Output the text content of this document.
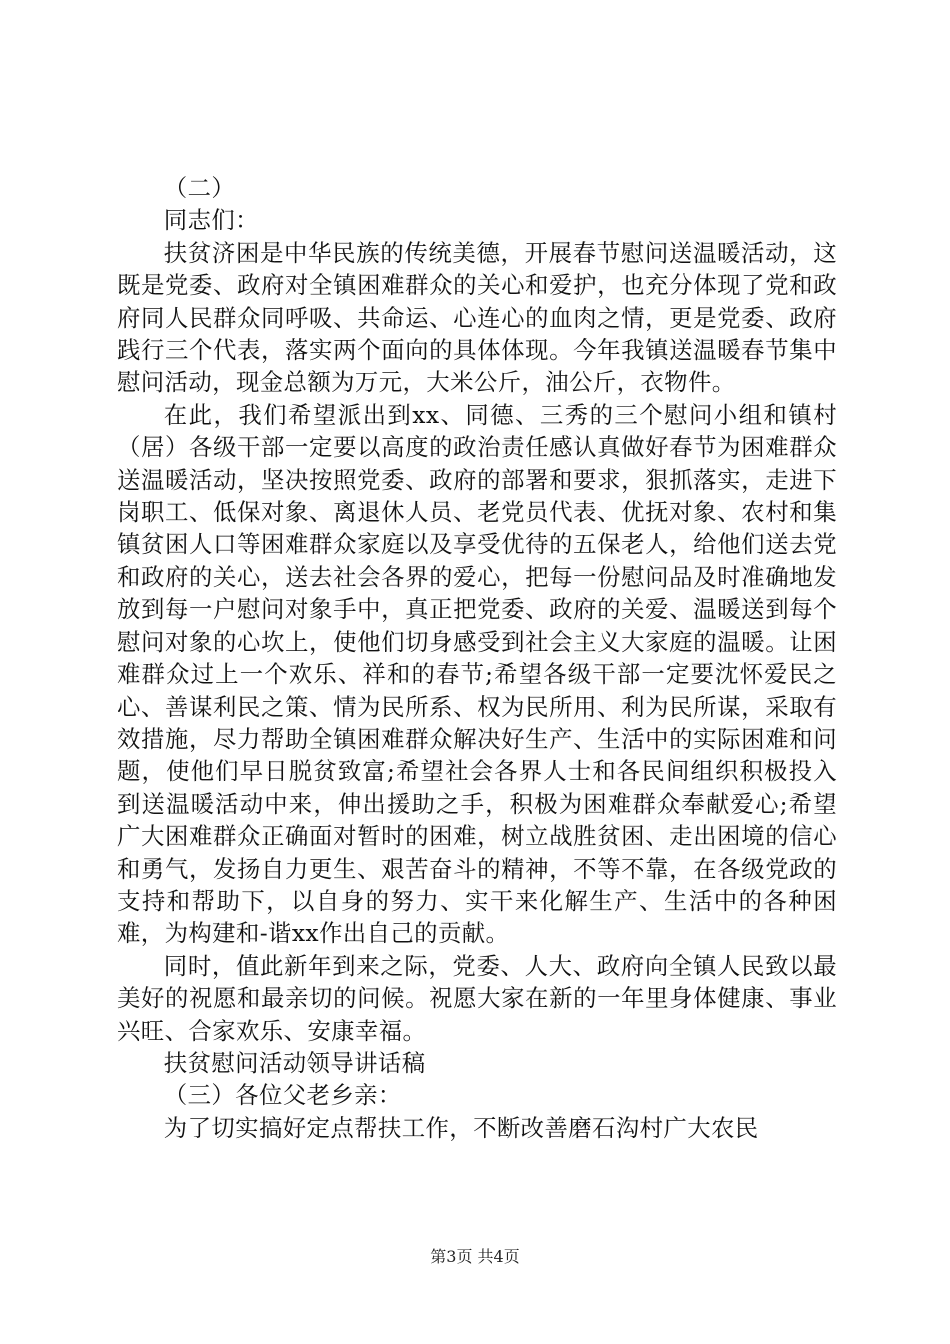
（二）

同志们：

扶贫济困是中华民族的传统美德，开展春节慰问送温暖活动，这既是党委、政府对全镇困难群众的关心和爱护，也充分体现了党和政府同人民群众同呼吸、共命运、心连心的血肉之情，更是党委、政府践行三个代表，落实两个面向的具体体现。今年我镇送温暖春节集中慰问活动，现金总额为万元，大米公斤，油公斤，衣物件。

在此，我们希望派出到xx、同德、三秀的三个慰问小组和镇村（居）各级干部一定要以高度的政治责任感认真做好春节为困难群众送温暖活动，坚决按照党委、政府的部署和要求，狠抓落实，走进下岗职工、低保对象、离退休人员、老党员代表、优抚对象、农村和集镇贫困人口等困难群众家庭以及享受优待的五保老人，给他们送去党和政府的关心，送去社会各界的爱心，把每一份慰问品及时准确地发放到每一户慰问对象手中，真正把党委、政府的关爱、温暖送到每个慰问对象的心坎上，使他们切身感受到社会主义大家庭的温暖。让困难群众过上一个欢乐、祥和的春节;希望各级干部一定要沈怀爱民之心、善谋利民之策、情为民所系、权为民所用、利为民所谋，采取有效措施，尽力帮助全镇困难群众解决好生产、生活中的实际困难和问题，使他们早日脱贫致富;希望社会各界人士和各民间组织积极投入到送温暖活动中来，伸出援助之手，积极为困难群众奉献爱心;希望广大困难群众正确面对暂时的困难，树立战胜贫困、走出困境的信心和勇气，发扬自力更生、艰苦奋斗的精神，不等不靠，在各级党政的支持和帮助下，以自身的努力、实干来化解生产、生活中的各种困难，为构建和-谐xx作出自己的贡献。

同时，值此新年到来之际，党委、人大、政府向全镇人民致以最美好的祝愿和最亲切的问候。祝愿大家在新的一年里身体健康、事业兴旺、合家欢乐、安康幸福。

扶贫慰问活动领导讲话稿

（三）各位父老乡亲：

为了切实搞好定点帮扶工作，不断改善磨石沟村广大农民

第3页 共4页
